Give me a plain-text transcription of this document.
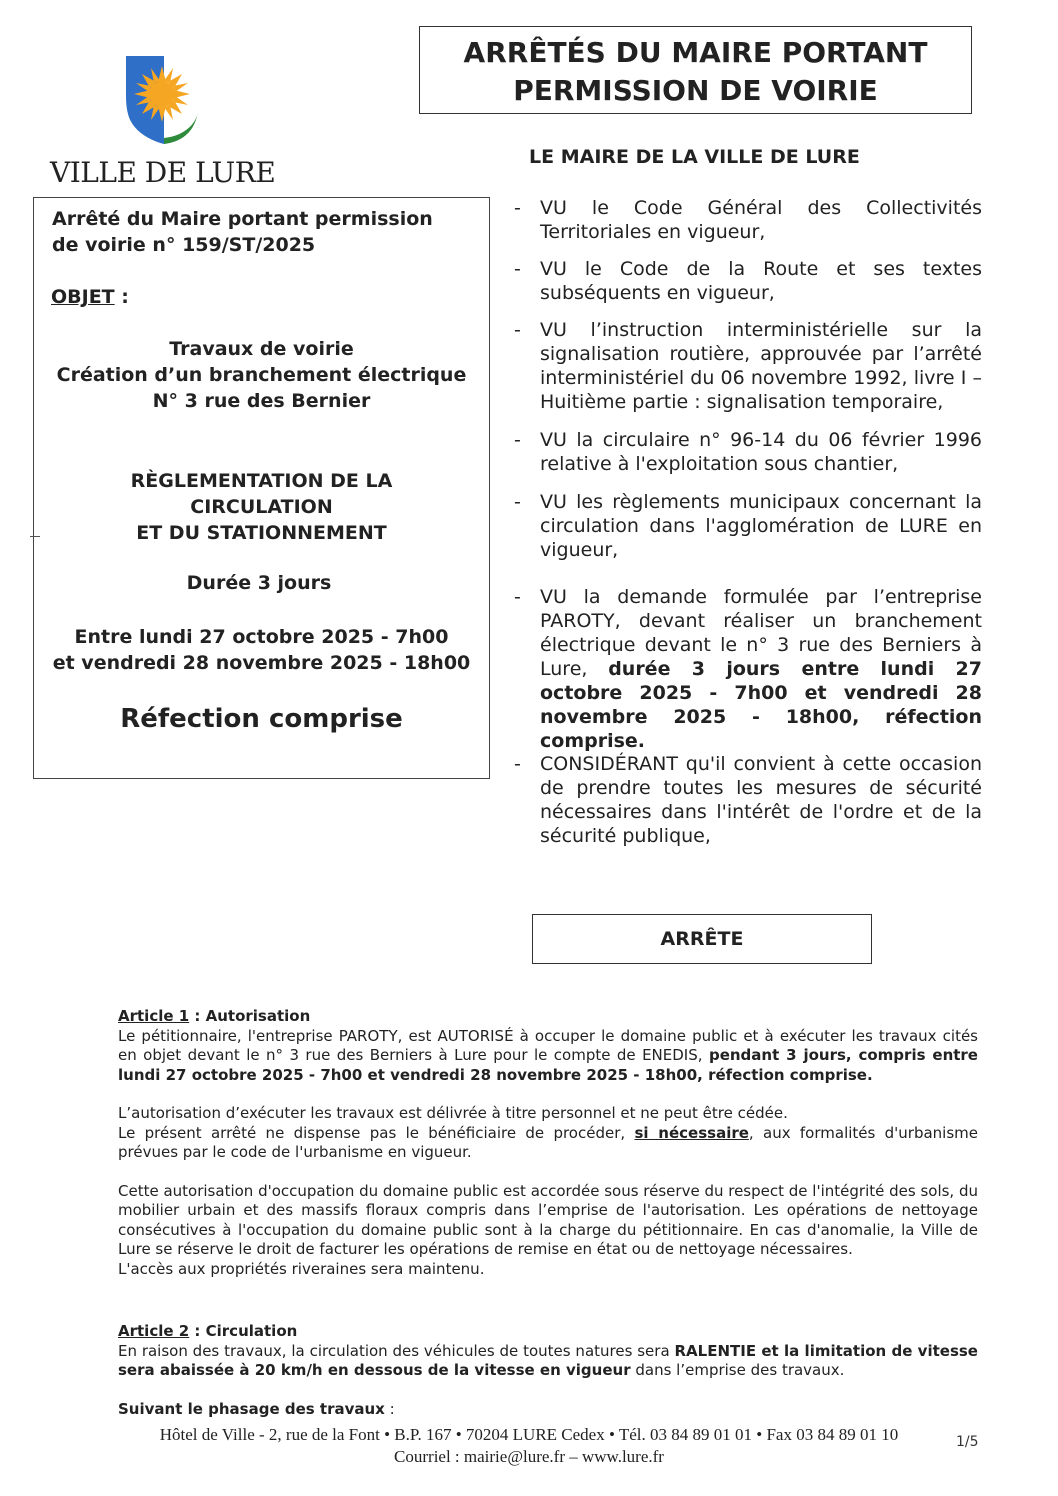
VILLE DE LURE
ARRÊTÉS DU MAIRE PORTANT
PERMISSION DE VOIRIE
Arrêté du Maire portant permission
de voirie n° 159/ST/2025
OBJET :
Travaux de voirie
Création d’un branchement électrique
N° 3 rue des Bernier
RÈGLEMENTATION DE LA
CIRCULATION
ET DU STATIONNEMENT
Durée 3 jours
Entre lundi 27 octobre 2025 - 7h00
et vendredi 28 novembre 2025 - 18h00
Réfection comprise
LE MAIRE DE LA VILLE DE LURE
- VU le Code Général des Collectivités Territoriales en vigueur,
- VU le Code de la Route et ses textes subséquents en vigueur,
- VU l’instruction interministérielle sur la signalisation routière, approuvée par l’arrêté interministériel du 06 novembre 1992, livre I – Huitième partie : signalisation temporaire,
- VU la circulaire n° 96-14 du 06 février 1996 relative à l'exploitation sous chantier,
- VU les règlements municipaux concernant la circulation dans l'agglomération de LURE en vigueur,
- VU la demande formulée par l’entreprise PAROTY, devant réaliser un branchement électrique devant le n° 3 rue des Berniers à Lure, durée 3 jours entre lundi 27 octobre 2025 - 7h00 et vendredi 28 novembre 2025 - 18h00, réfection comprise.
- CONSIDÉRANT qu'il convient à cette occasion de prendre toutes les mesures de sécurité nécessaires dans l'intérêt de l'ordre et de la sécurité publique,
ARRÊTE
Article 1 : Autorisation
Le pétitionnaire, l'entreprise PAROTY, est AUTORISÉ à occuper le domaine public et à exécuter les travaux cités en objet devant le n° 3 rue des Berniers à Lure pour le compte de ENEDIS, pendant 3 jours, compris entre lundi 27 octobre 2025 - 7h00 et vendredi 28 novembre 2025 - 18h00, réfection comprise.
L’autorisation d’exécuter les travaux est délivrée à titre personnel et ne peut être cédée.
Le présent arrêté ne dispense pas le bénéficiaire de procéder, si nécessaire, aux formalités d'urbanisme prévues par le code de l'urbanisme en vigueur.
Cette autorisation d'occupation du domaine public est accordée sous réserve du respect de l'intégrité des sols, du mobilier urbain et des massifs floraux compris dans l’emprise de l'autorisation. Les opérations de nettoyage consécutives à l'occupation du domaine public sont à la charge du pétitionnaire. En cas d'anomalie, la Ville de Lure se réserve le droit de facturer les opérations de remise en état ou de nettoyage nécessaires.
L'accès aux propriétés riveraines sera maintenu.
Article 2 : Circulation
En raison des travaux, la circulation des véhicules de toutes natures sera RALENTIE et la limitation de vitesse sera abaissée à 20 km/h en dessous de la vitesse en vigueur dans l’emprise des travaux.
Suivant le phasage des travaux :
Hôtel de Ville - 2, rue de la Font • B.P. 167 • 70204 LURE Cedex • Tél. 03 84 89 01 01 • Fax 03 84 89 01 10
Courriel : mairie@lure.fr – www.lure.fr
1/5
